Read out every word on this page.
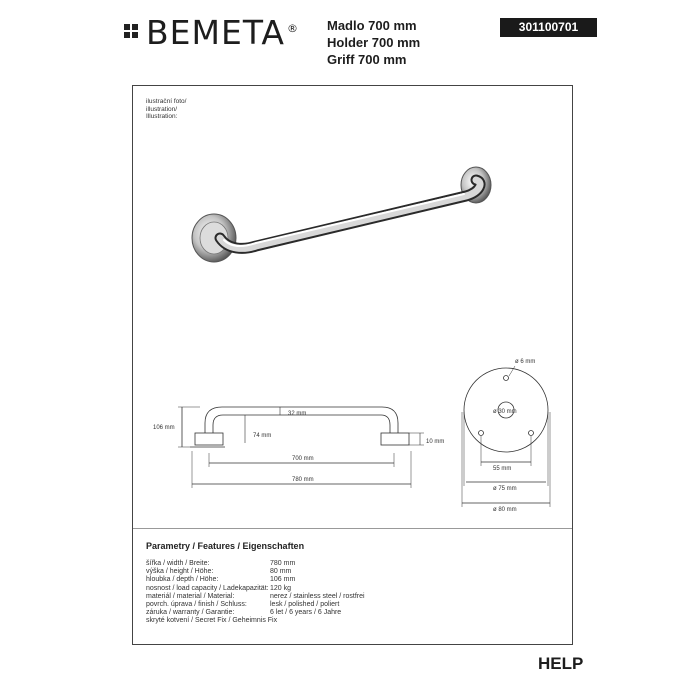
BEMETA ® Madlo 700 mm
Holder 700 mm
Griff 700 mm
301100701
ilustrační foto/
illustration/
Illustration:
106 mm
32 mm
74 mm
10 mm
700 mm
780 mm
ø 6 mm
ø 30 mm
55 mm
ø 75 mm
ø 80 mm
Parametry / Features / Eigenschaften
šířka / width / Breite:	780 mm
výška / height / Höhe:	80 mm
hloubka / depth / Höhe:	106 mm
nosnost / load capacity / Ladekapazität:	120 kg
materiál / material / Material:	nerez / stainless steel / rostfrei
povrch. úprava / finish / Schluss:	lesk / polished / poliert
záruka / warranty / Garantie:	6 let / 6 years / 6 Jahre
skryté kotvení / Secret Fix / Geheimnis Fix	
HELP
